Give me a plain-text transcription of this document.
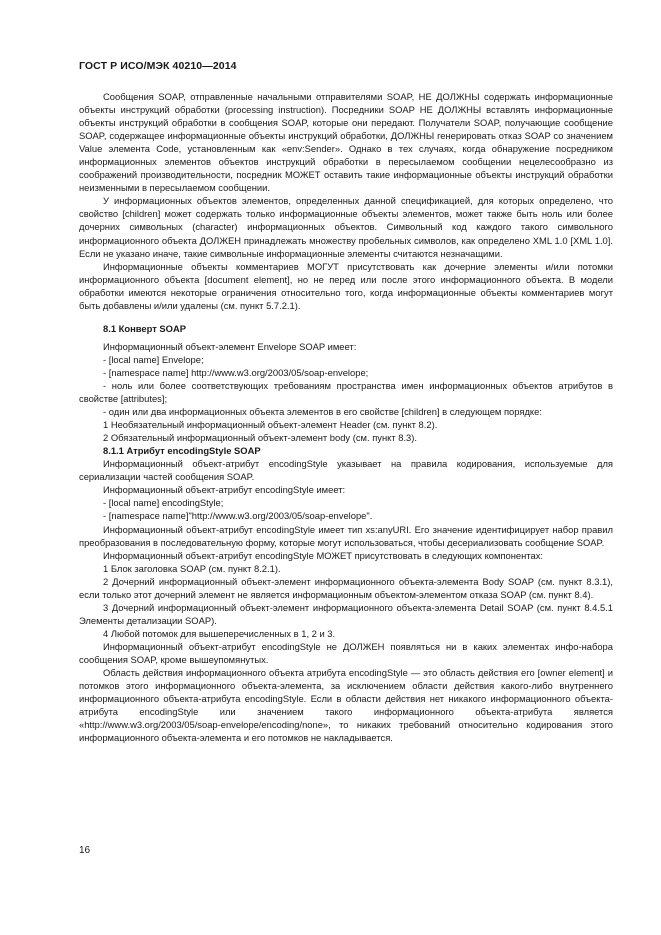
ГОСТ Р ИСО/МЭК 40210—2014

Сообщения SOAP, отправленные начальными отправителями SOAP, НЕ ДОЛЖНЫ содержать информационные объекты инструкций обработки (processing instruction). Посредники SOAP НЕ ДОЛЖНЫ вставлять информационные объекты инструкций обработки в сообщения SOAP, которые они передают. Получатели SOAP, получающие сообщение SOAP, содержащее информационные объекты инструкций обработки, ДОЛЖНЫ генерировать отказ SOAP со значением Value элемента Code, установленным как «env:Sender». Однако в тех случаях, когда обнаружение посредником информационных элементов объектов инструкций обработки в пересылаемом сообщении нецелесообразно из соображений производительности, посредник МОЖЕТ оставить такие информационные объекты инструкций обработки неизменными в пересылаемом сообщении.

У информационных объектов элементов, определенных данной спецификацией, для которых определено, что свойство [children] может содержать только информационные объекты элементов, может также быть ноль или более дочерних символьных (character) информационных объектов. Символьный код каждого такого символьного информационного объекта ДОЛЖЕН принадлежать множеству пробельных символов, как определено XML 1.0 [XML 1.0]. Если не указано иначе, такие символьные информационные элементы считаются незначащими.

Информационные объекты комментариев МОГУТ присутствовать как дочерние элементы и/или потомки информационного объекта [document element], но не перед или после этого информационного объекта. В модели обработки имеются некоторые ограничения относительно того, когда информационные объекты комментариев могут быть добавлены и/или удалены (см. пункт 5.7.2.1).

8.1 Конверт SOAP

Информационный объект-элемент Envelope SOAP имеет:

- [local name] Envelope;

- [namespace name] http://www.w3.org/2003/05/soap-envelope;

- ноль или более соответствующих требованиям пространства имен информационных объектов атрибутов в свойстве [attributes];

- один или два информационных объекта элементов в его свойстве [children] в следующем порядке:

1 Необязательный информационный объект-элемент Header (см. пункт 8.2).

2 Обязательный информационный объект-элемент body (см. пункт 8.3).

8.1.1 Атрибут encodingStyle SOAP

Информационный объект-атрибут encodingStyle указывает на правила кодирования, используемые для сериализации частей сообщения SOAP.

Информационный объект-атрибут encodingStyle имеет:

- [local name] encodingStyle;

- [namespace name]"http://www.w3.org/2003/05/soap-envelope".

Информационный объект-атрибут encodingStyle имеет тип xs:anyURI. Его значение идентифицирует набор правил преобразования в последовательную форму, которые могут использоваться, чтобы десериализовать сообщение SOAP.

Информационный объект-атрибут encodingStyle МОЖЕТ присутствовать в следующих компонентах:

1 Блок заголовка SOAP (см. пункт 8.2.1).

2 Дочерний информационный объект-элемент информационного объекта-элемента Body SOAP (см. пункт 8.3.1), если только этот дочерний элемент не является информационным объектом-элементом отказа SOAP (см. пункт 8.4).

3 Дочерний информационный объект-элемент информационного объекта-элемента Detail SOAP (см. пункт 8.4.5.1 Элементы детализации SOAP).

4 Любой потомок для вышеперечисленных в 1, 2 и 3.

Информационный объект-атрибут encodingStyle не ДОЛЖЕН появляться ни в каких элементах инфо-набора сообщения SOAP, кроме вышеупомянутых.

Область действия информационного объекта атрибута encodingStyle — это область действия его [owner element] и потомков этого информационного объекта-элемента, за исключением области действия какого-либо внутреннего информационного объекта-атрибута encodingStyle. Если в области действия нет никакого информационного объекта-атрибута encodingStyle или значением такого информационного объекта-атрибута является «http://www.w3.org/2003/05/soap-envelope/encoding/none», то никаких требований относительно кодирования этого информационного объекта-элемента и его потомков не накладывается.

16
